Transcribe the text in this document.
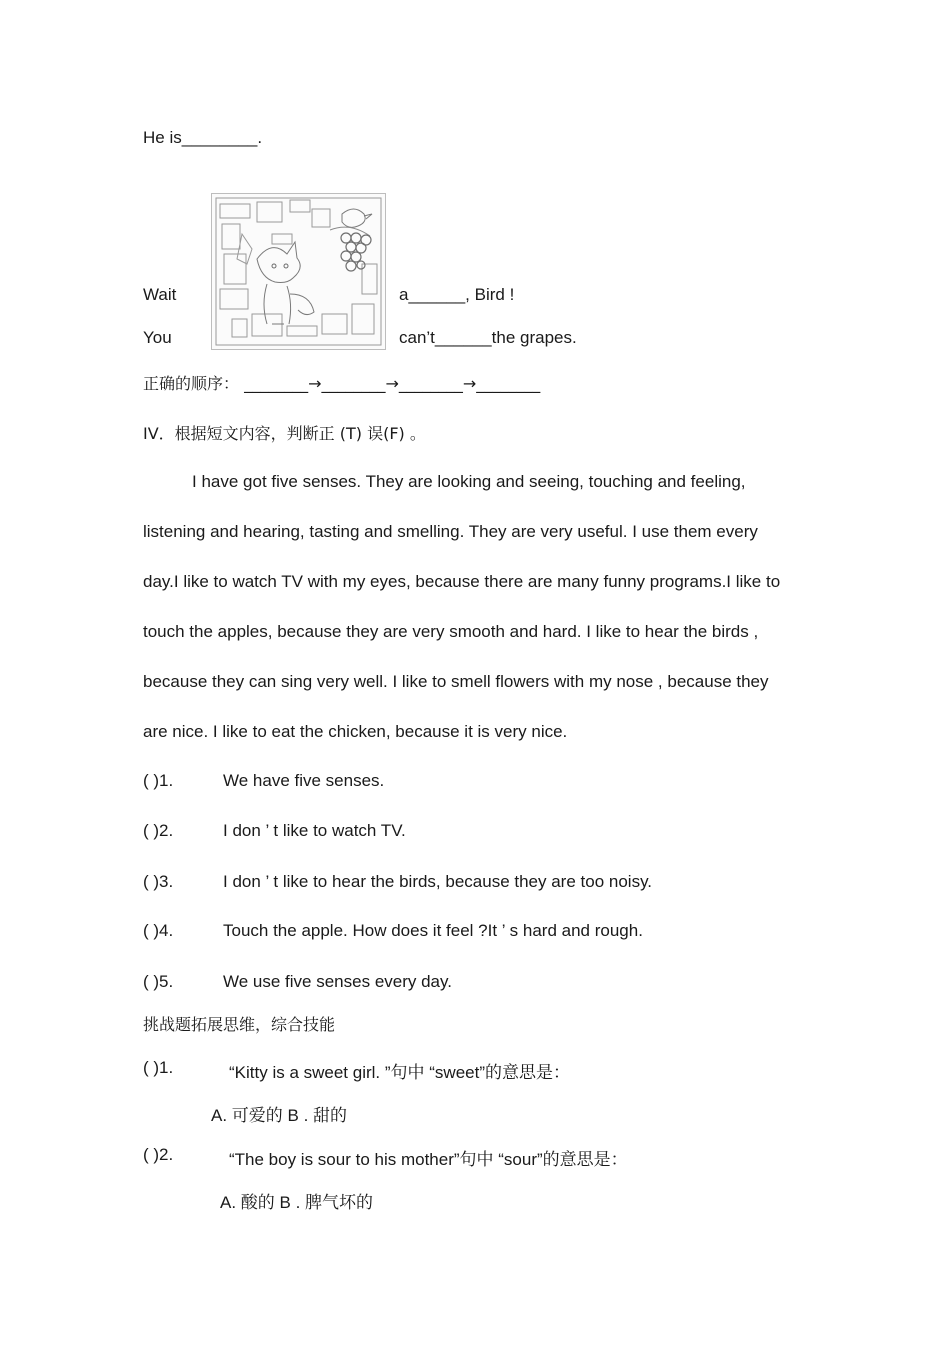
He is________.
Wait	a______, Bird !
You	can’t______the grapes.
正确的顺序： ________→________→________→________
IV．根据短文内容，判断正 (T) 误(F) 。
I have got five senses. They are looking and seeing, touching and feeling,
listening and hearing, tasting and smelling. They are very useful. I use them every
day.I like to watch TV with my eyes, because there are many funny programs.I like to
touch the apples, because they are very smooth and hard. I like to hear the birds ,
because they can sing very well. I like to smell flowers with my nose , because they
are nice. I like to eat the chicken, because it is very nice.
( )1.	We have five senses.
( )2.	I don ’ t like to watch TV.
( )3.	I don ’ t like to hear the birds, because they are too noisy.
( )4.	Touch the apple. How does it feel ?It ’ s hard and rough.
( )5.	We use five senses every day.
挑战题拓展思维，综合技能
( )1.	“Kitty is a sweet girl. ”句中 “sweet”的意思是：
A. 可爱的 B . 甜的
( )2.	“The boy is sour to his mother”句中 “sour”的意思是：
A. 酸的 B . 脾气坏的
